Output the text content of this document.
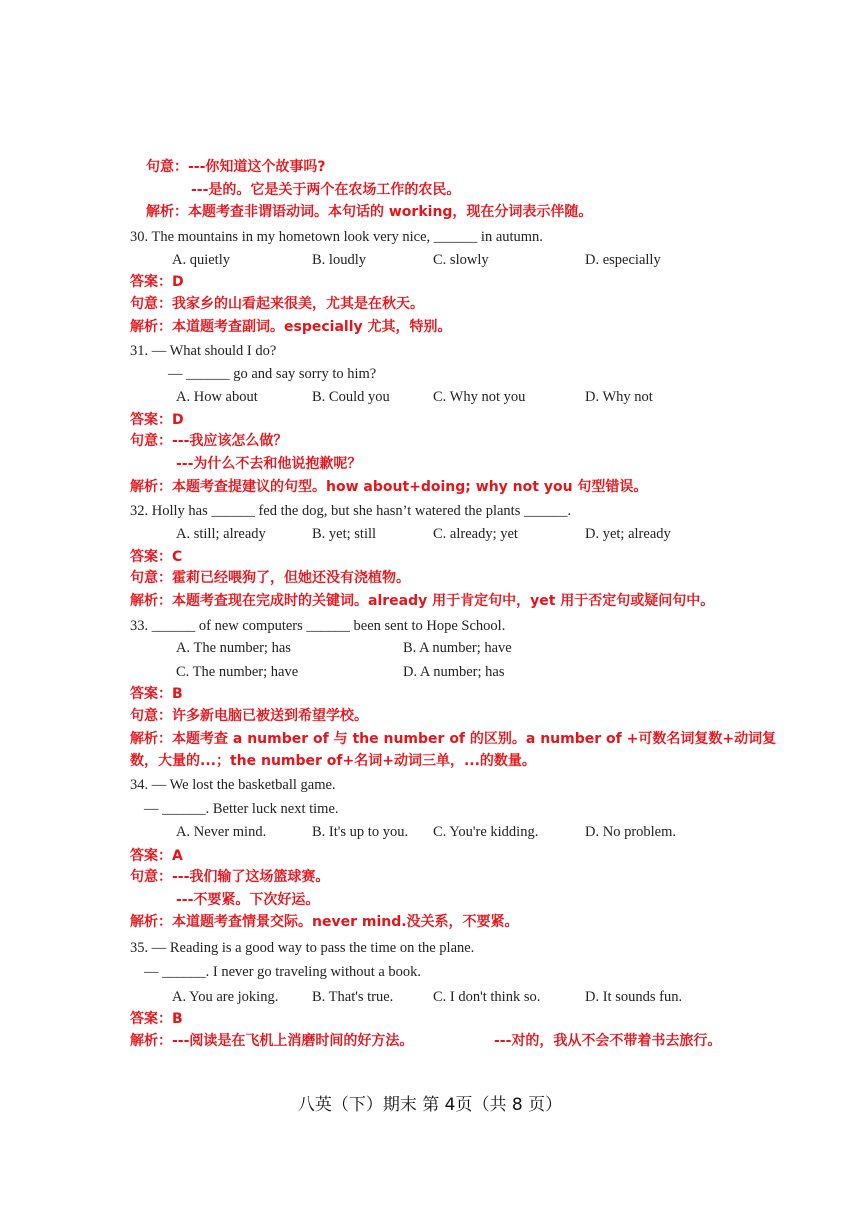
句意：---你知道这个故事吗?
---是的。它是关于两个在农场工作的农民。
解析：本题考查非谓语动词。本句话的 working，现在分词表示伴随。
30. The mountains in my hometown look very nice, ______ in autumn.
A. quietly	B. loudly	C. slowly	D. especially
答案：D
句意：我家乡的山看起来很美，尤其是在秋天。
解析：本道题考查副词。especially 尤其，特别。
31. — What should I do?
— ______ go and say sorry to him?
A. How about	B. Could you	C. Why not you	D. Why not
答案：D
句意：---我应该怎么做？
---为什么不去和他说抱歉呢？
解析：本题考查提建议的句型。how about+doing; why not you 句型错误。
32. Holly has ______ fed the dog, but she hasn’t watered the plants ______.
A. still; already	B. yet; still	C. already; yet	D. yet; already
答案：C
句意：霍莉已经喂狗了，但她还没有浇植物。
解析：本题考查现在完成时的关键词。already 用于肯定句中，yet 用于否定句或疑问句中。
33. ______ of new computers ______ been sent to Hope School.
A. The number; has	B. A number; have
C. The number; have	D. A number; has
答案：B
句意：许多新电脑已被送到希望学校。
解析：本题考查 a number of 与 the number of 的区别。a number of +可数名词复数+动词复
数，大量的...；the number of+名词+动词三单，...的数量。
34. — We lost the basketball game.
— ______. Better luck next time.
A. Never mind.	B. It's up to you. C. You're kidding.	D. No problem.
答案：A
句意：---我们输了这场篮球赛。
---不要紧。下次好运。
解析：本道题考查情景交际。never mind.没关系，不要紧。
35. — Reading is a good way to pass the time on the plane.
— ______. I never go traveling without a book.
A. You are joking. B. That's true.	C. I don't think so.	D. It sounds fun.
答案：B
解析：---阅读是在飞机上消磨时间的好方法。	---对的，我从不会不带着书去旅行。
八英（下）期末 第 4页（共 8 页）
